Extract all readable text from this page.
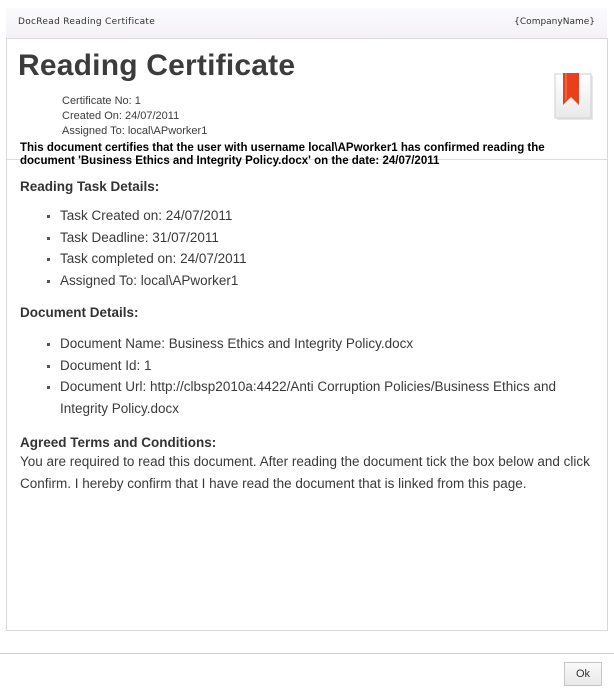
DocRead Reading Certificate	{CompanyName}
Reading Certificate
Certificate No: 1
Created On: 24/07/2011
Assigned To: local\APworker1

This document certifies that the user with username local\APworker1 has confirmed reading the document 'Business Ethics and Integrity Policy.docx' on the date: 24/07/2011

Reading Task Details:

Task Created on: 24/07/2011
Task Deadline: 31/07/2011
Task completed on: 24/07/2011
Assigned To: local\APworker1

Document Details:

Document Name: Business Ethics and Integrity Policy.docx
Document Id: 1
Document Url: http://clbsp2010a:4422/Anti Corruption Policies/Business Ethics and Integrity Policy.docx

Agreed Terms and Conditions:

You are required to read this document. After reading the document tick the box below and click Confirm. I hereby confirm that I have read the document that is linked from this page.

Ok
